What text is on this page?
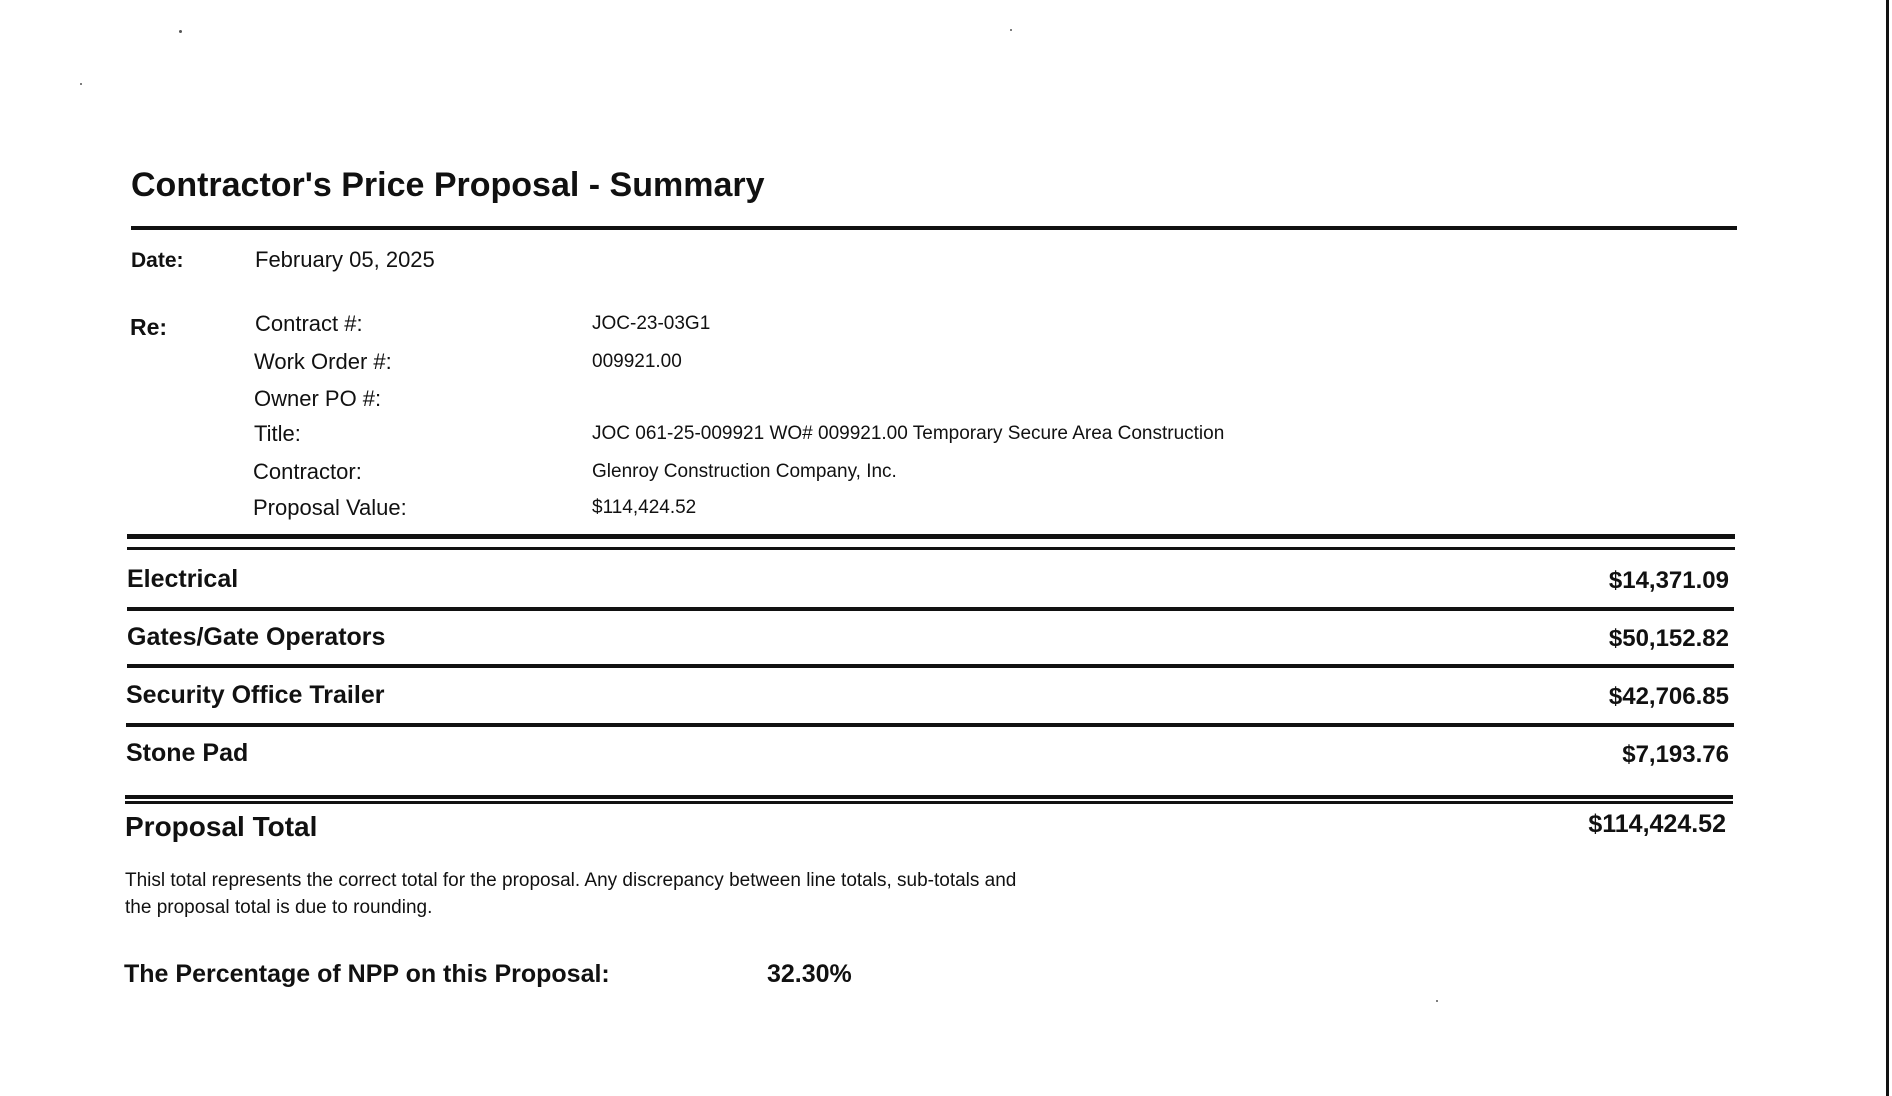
Contractor's Price Proposal - Summary
Date:	February 05, 2025
Re:	Contract #:	JOC-23-03G1
Work Order #:	009921.00
Owner PO #:
Title:	JOC 061-25-009921 WO# 009921.00 Temporary Secure Area Construction
Contractor:	Glenroy Construction Company, Inc.
Proposal Value:	$114,424.52
Electrical	$14,371.09
Gates/Gate Operators	$50,152.82
Security Office Trailer	$42,706.85
Stone Pad	$7,193.76
Proposal Total	$114,424.52
Thisl total represents the correct total for the proposal. Any discrepancy between line totals, sub-totals and the proposal total is due to rounding.
The Percentage of NPP on this Proposal:	32.30%
